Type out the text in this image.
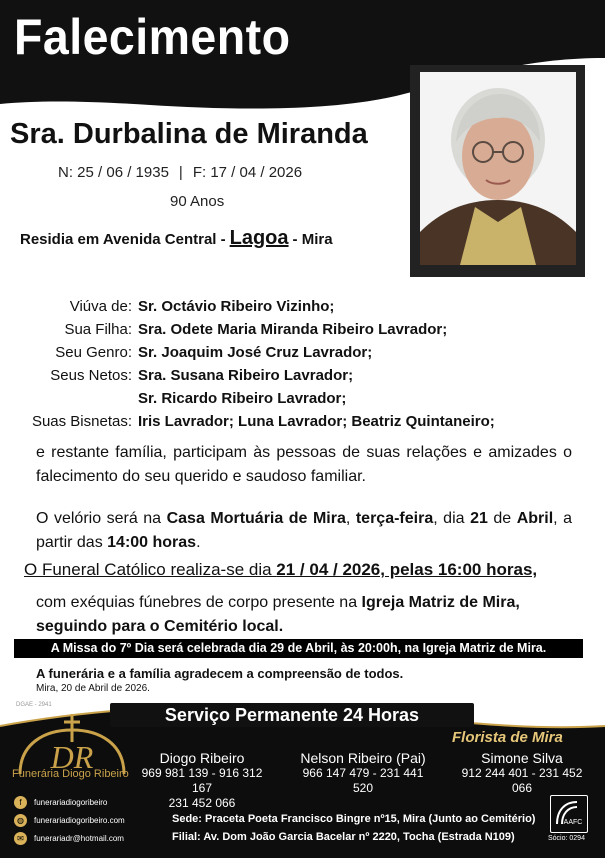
Falecimento
Sra. Durbalina de Miranda
N: 25 / 06 / 1935 | F: 17 / 04 / 2026
90 Anos
Residia em Avenida Central - Lagoa - Mira
Viúva de: Sr. Octávio Ribeiro Vizinho;
Sua Filha: Sra. Odete Maria Miranda Ribeiro Lavrador;
Seu Genro: Sr. Joaquim José Cruz Lavrador;
Seus Netos: Sra. Susana Ribeiro Lavrador;
Sr. Ricardo Ribeiro Lavrador;
Suas Bisnetas: Iris Lavrador; Luna Lavrador; Beatriz Quintaneiro;
e restante família, participam às pessoas de suas relações e amizades o falecimento do seu querido e saudoso familiar.
O velório será na Casa Mortuária de Mira, terça-feira, dia 21 de Abril, a partir das 14:00 horas.
O Funeral Católico realiza-se dia 21 / 04 / 2026, pelas 16:00 horas,
com exéquias fúnebres de corpo presente na Igreja Matriz de Mira,
seguindo para o Cemitério local.
A Missa do 7º Dia será celebrada dia 29 de Abril, às 20:00h, na Igreja Matriz de Mira.
A funerária e a família agradecem a compreensão de todos.
Mira, 20 de Abril de 2026.
DGAE - 2941	Serviço Permanente 24 Horas
DR
Funerária Diogo Ribeiro
f	funerariadiogoribeiro
◍	funerariadiogoribeiro.com
✉	funerariadr@hotmail.com
Diogo Ribeiro
969 981 139 - 916 312 167
231 452 066
Nelson Ribeiro (Pai)
966 147 479 - 231 441 520
Florista de Mira
Simone Silva
912 244 401 - 231 452 066
Sede: Praceta Poeta Francisco Bingre nº15, Mira (Junto ao Cemitério)
Filial: Av. Dom João Garcia Bacelar nº 2220, Tocha (Estrada N109)
AAFC
Sócio: 0294
